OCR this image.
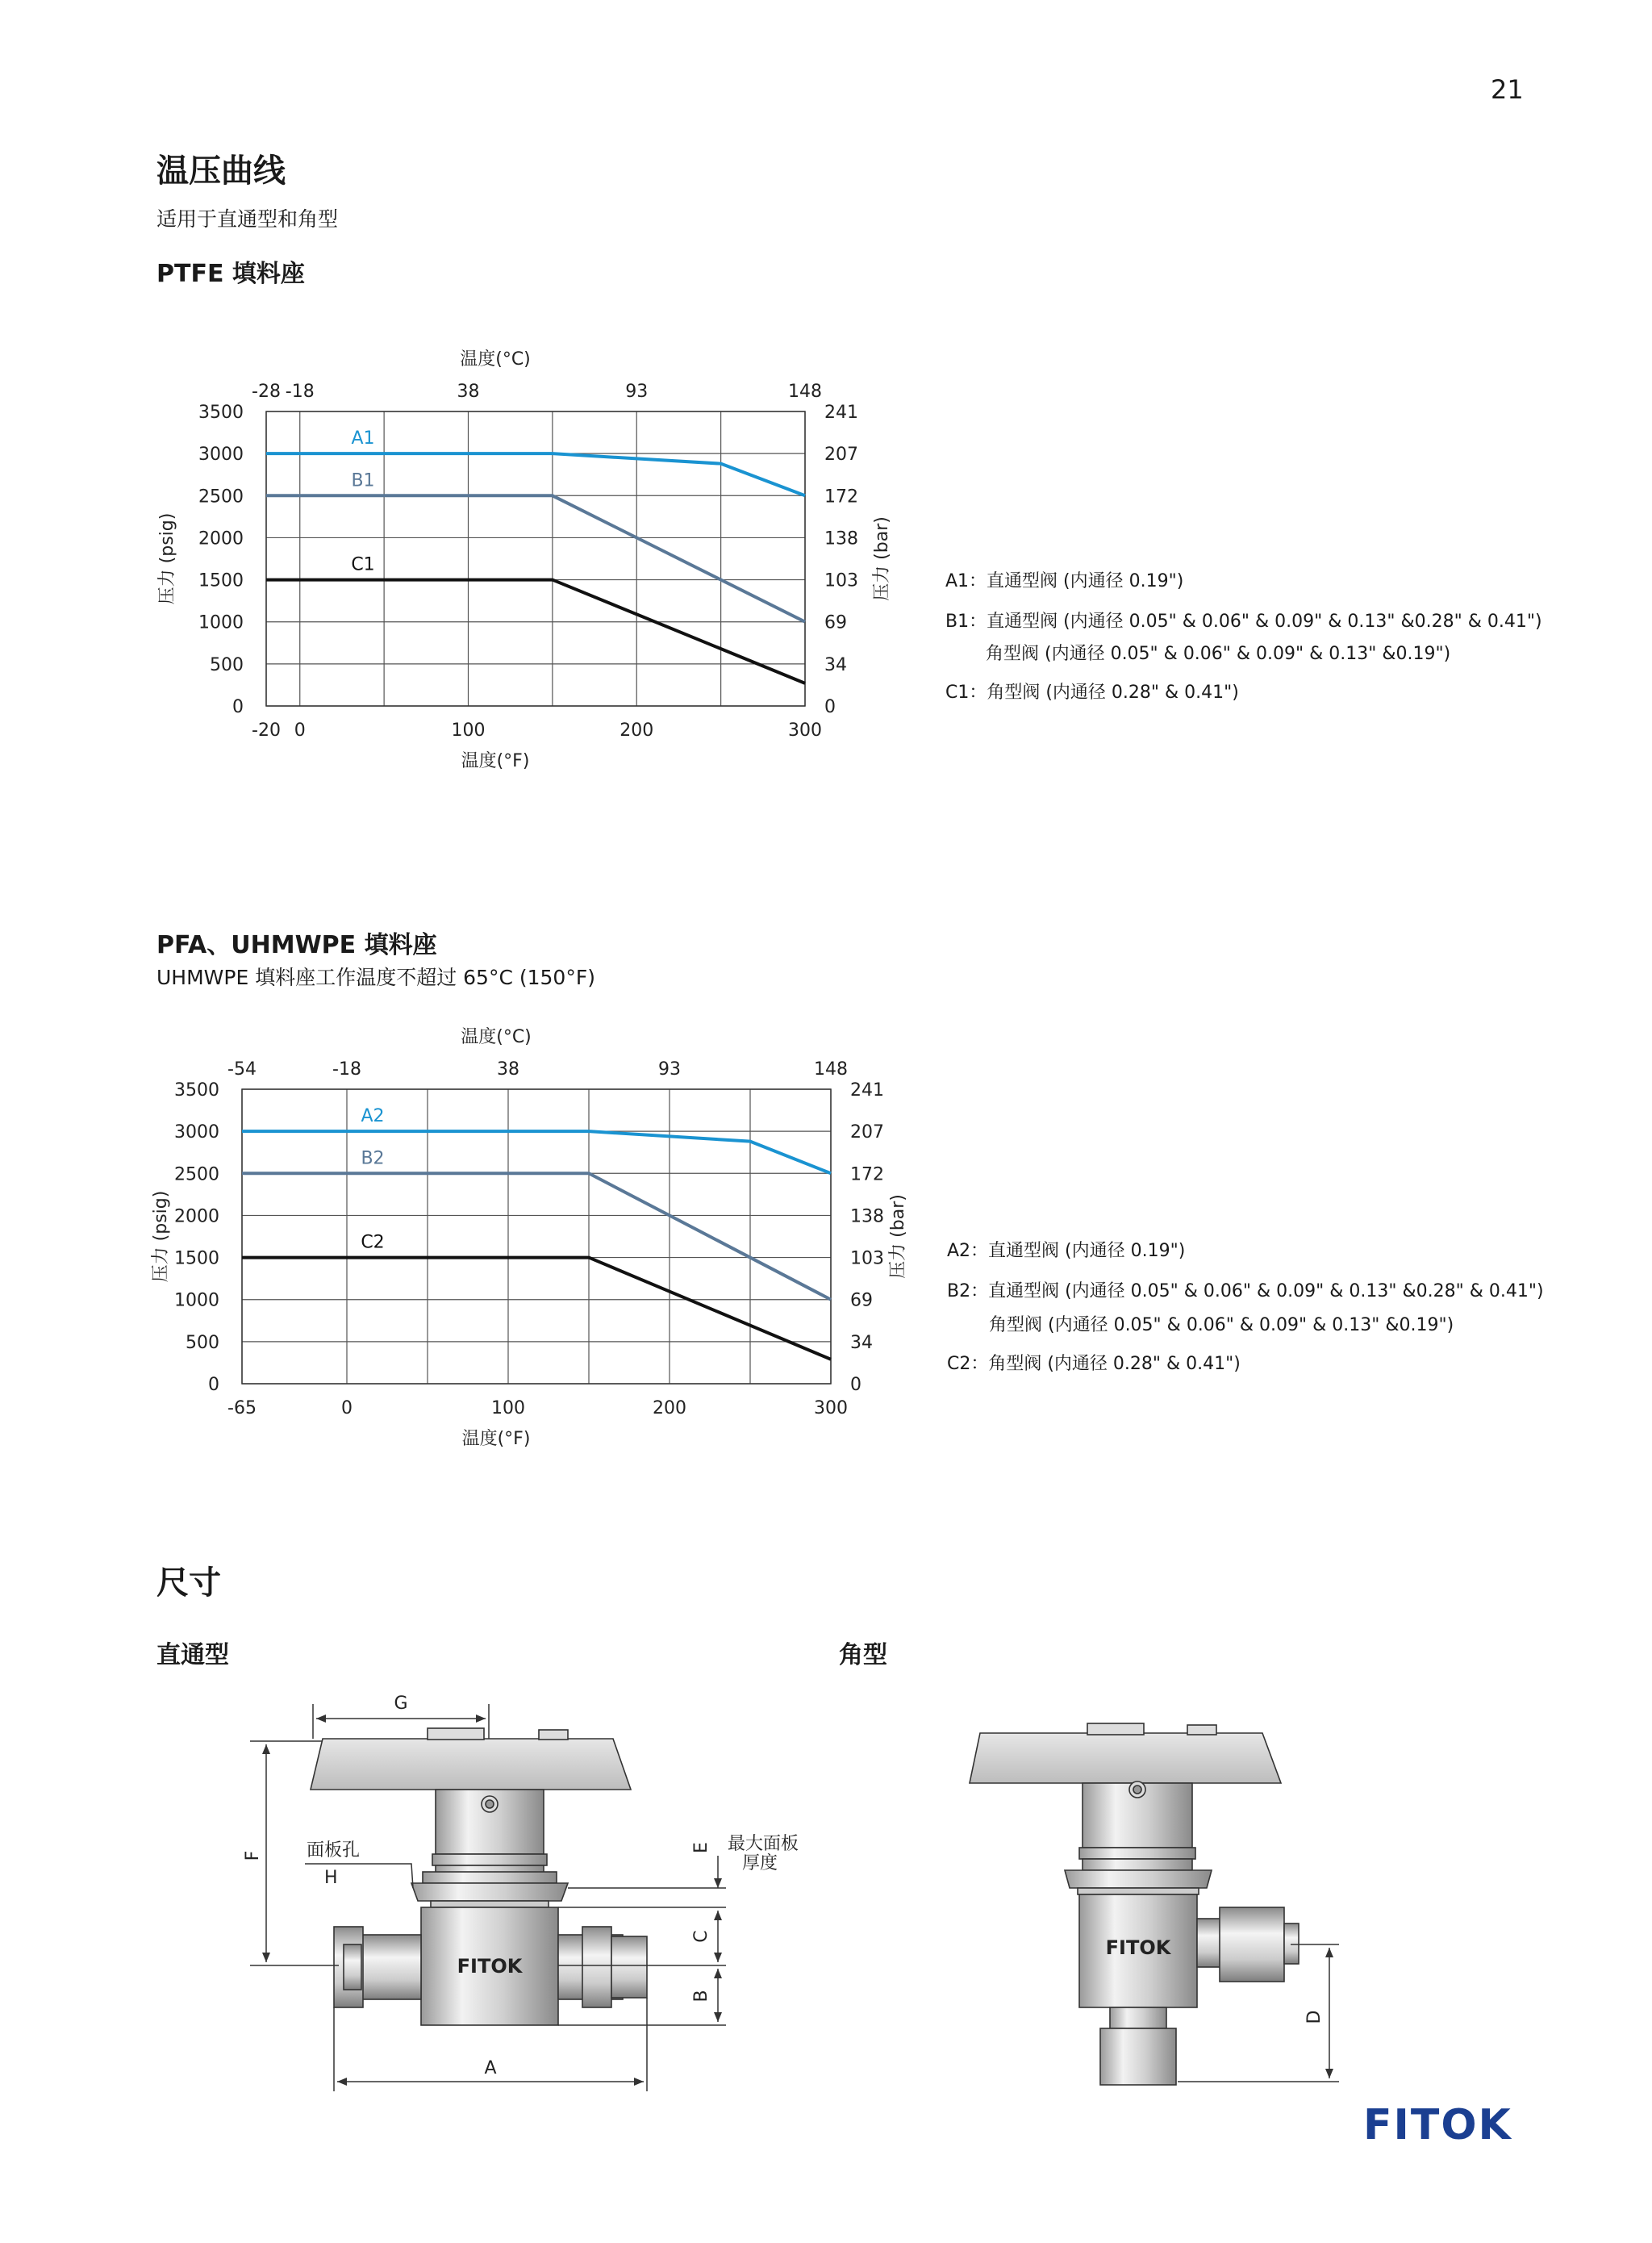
21
温压曲线
适用于直通型和角型
PTFE 填料座
0
500
1000
1500
2000
2500
3000
3500
0
34
69
103
138
172
207
241
-20 0	100	200	300
-28 -18	38	93	148
温度(°C)
温度(°F)
压力 (psig)	压力 (bar)
A1
B1
C1
A1：直通型阀 (内通径 0.19")
B1：直通型阀 (内通径 0.05" & 0.06" & 0.09" & 0.13" &0.28" & 0.41")
角型阀 (内通径 0.05" & 0.06" & 0.09" & 0.13" &0.19")
C1：角型阀 (内通径 0.28" & 0.41")
PFA、UHMWPE 填料座
UHMWPE 填料座工作温度不超过 65°C (150°F)
0
500
1000
1500
2000
2500
3000
3500
0
34
69
103
138
172
207
241
-65	0	100	200	300
-54	-18	38	93	148
温度(°C)
温度(°F)
压力 (psig)	压力 (bar)
A2
B2
C2	A2：直通型阀 (内通径 0.19")
B2：直通型阀 (内通径 0.05" & 0.06" & 0.09" & 0.13" &0.28" & 0.41")
角型阀 (内通径 0.05" & 0.06" & 0.09" & 0.13" &0.19")
C2：角型阀 (内通径 0.28" & 0.41")
尺寸
直通型	角型
FITOK
G
F 面板孔
H
E 最大面板
厚度
C
B
A
FITOK
D
FITOK
